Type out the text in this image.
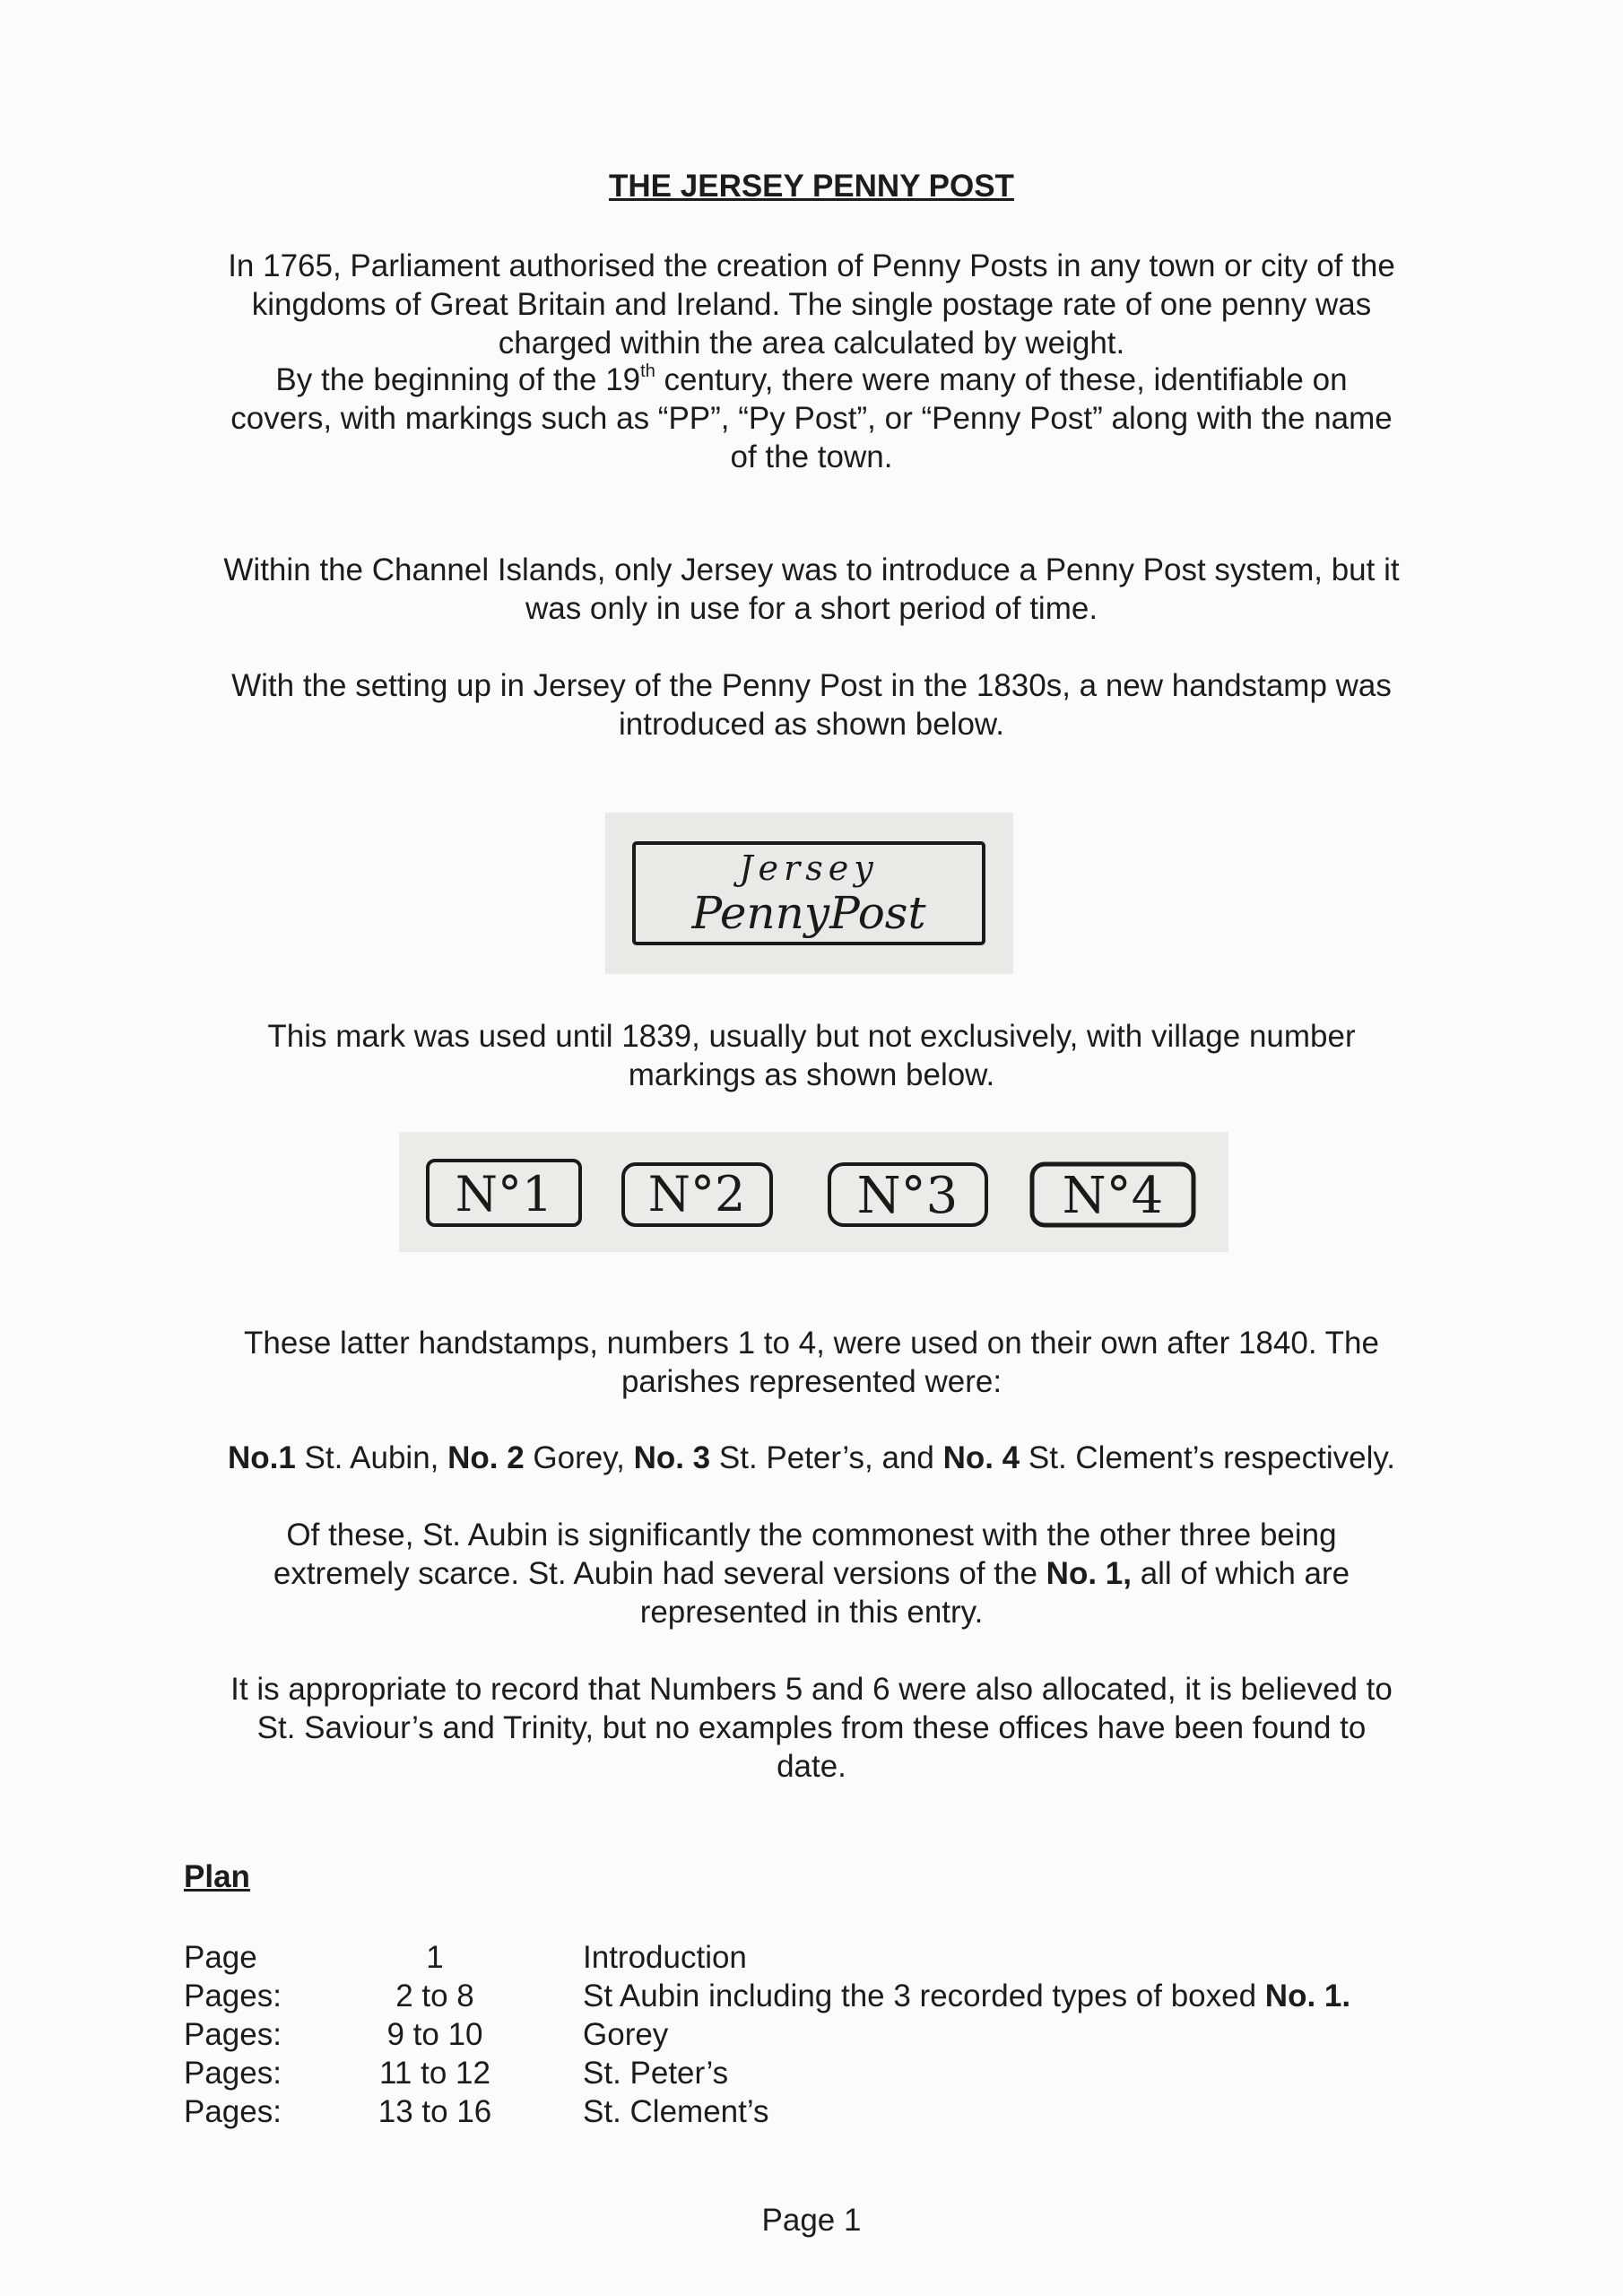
THE JERSEY PENNY POST
In 1765, Parliament authorised the creation of Penny Posts in any town or city of the
kingdoms of Great Britain and Ireland. The single postage rate of one penny was
charged within the area calculated by weight.
By the beginning of the 19th century, there were many of these, identifiable on
covers, with markings such as “PP”, “Py Post”, or “Penny Post” along with the name
of the town.
Within the Channel Islands, only Jersey was to introduce a Penny Post system, but it
was only in use for a short period of time.
With the setting up in Jersey of the Penny Post in the 1830s, a new handstamp was
introduced as shown below.
Jersey
PennyPost
This mark was used until 1839, usually but not exclusively, with village number
markings as shown below.
N°1 N°2 N°3 N°4
These latter handstamps, numbers 1 to 4, were used on their own after 1840. The
parishes represented were:
No.1 St. Aubin, No. 2 Gorey, No. 3 St. Peter’s, and No. 4 St. Clement’s respectively.
Of these, St. Aubin is significantly the commonest with the other three being
extremely scarce. St. Aubin had several versions of the No. 1, all of which are
represented in this entry.
It is appropriate to record that Numbers 5 and 6 were also allocated, it is believed to
St. Saviour’s and Trinity, but no examples from these offices have been found to
date.
Plan
Page	1	Introduction
Pages:	2 to 8	St Aubin including the 3 recorded types of boxed No. 1.
Pages:	9 to 10	Gorey
Pages:	11 to 12	St. Peter’s
Pages:	13 to 16	St. Clement’s
Page 1
